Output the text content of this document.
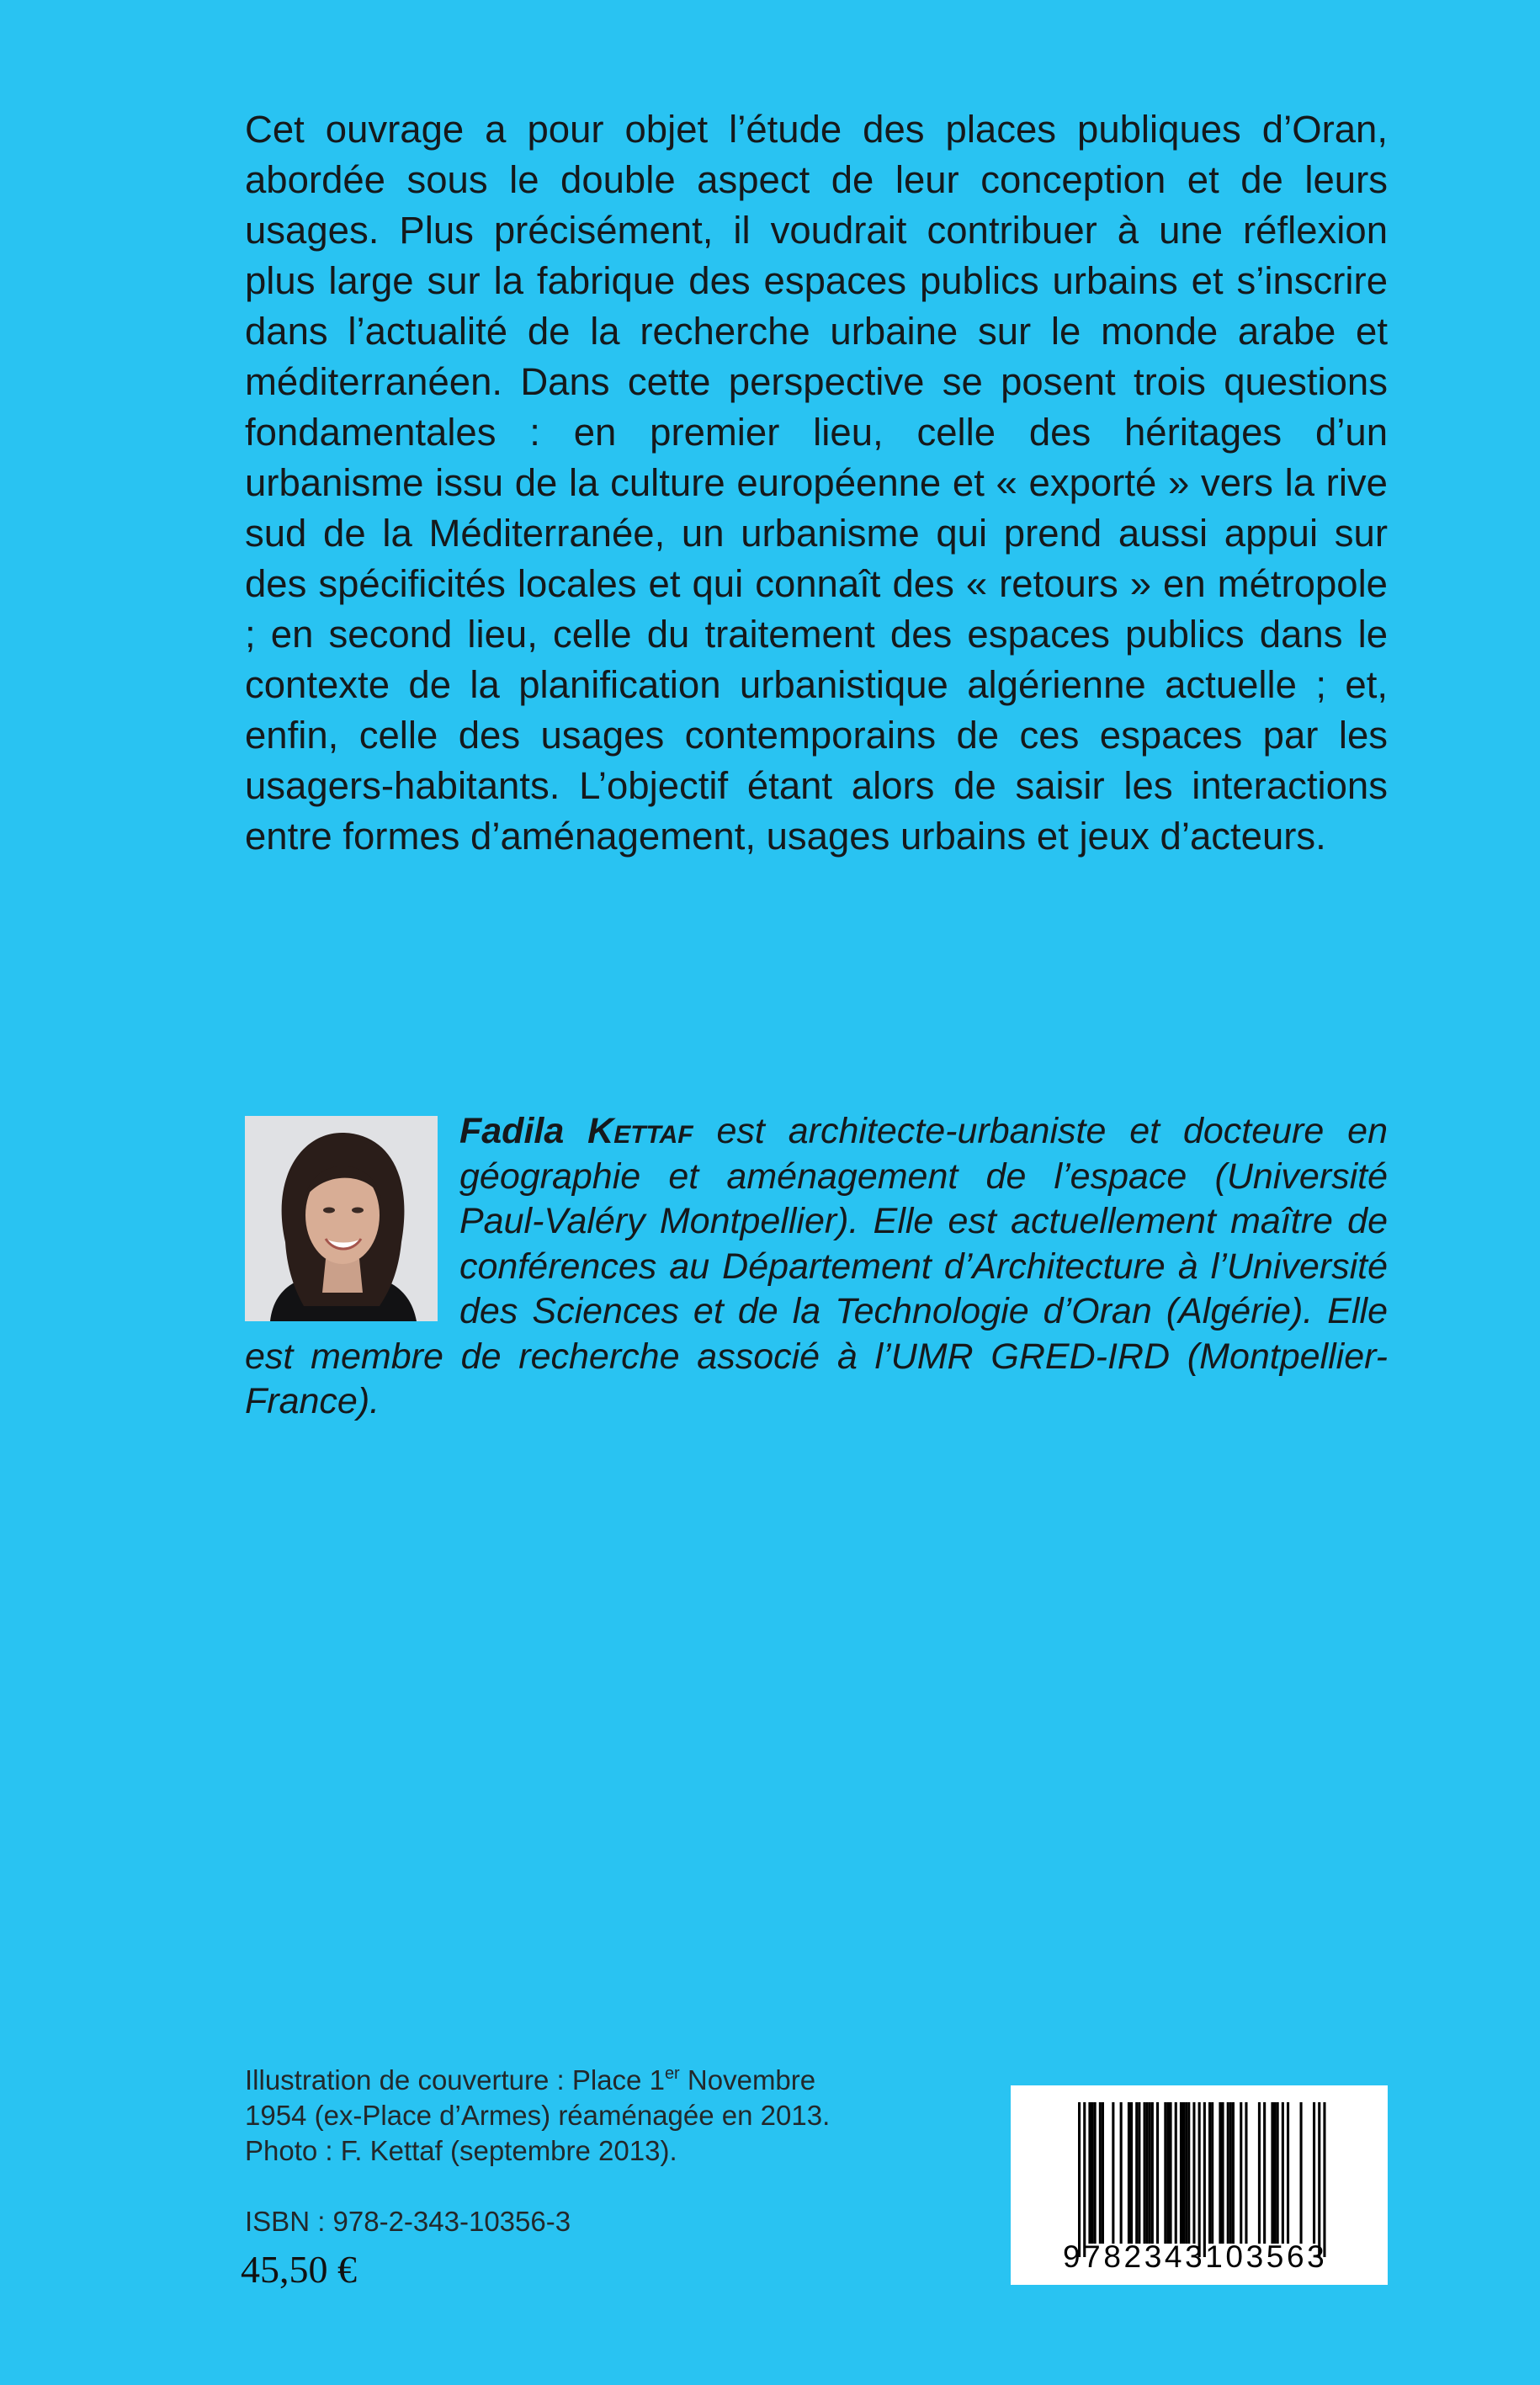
Cet ouvrage a pour objet l’étude des places publiques d’Oran, abordée sous le double aspect de leur conception et de leurs usages. Plus précisément, il voudrait contribuer à une réflexion plus large sur la fabrique des espaces publics urbains et s’inscrire dans l’actualité de la recherche urbaine sur le monde arabe et méditerranéen. Dans cette perspective se posent trois questions fondamentales : en premier lieu, celle des héritages d’un urbanisme issu de la culture européenne et « exporté » vers la rive sud de la Méditerranée, un urbanisme qui prend aussi appui sur des spécificités locales et qui connaît des « retours » en métropole ; en second lieu, celle du traitement des espaces publics dans le contexte de la planification urbanistique algérienne actuelle ; et, enfin, celle des usages contemporains de ces espaces par les usagers-habitants. L’objectif étant alors de saisir les interactions entre formes d’aménagement, usages urbains et jeux d’acteurs.

Fadila Kettaf est architecte-urbaniste et docteure en géographie et aménagement de l’espace (Université Paul-Valéry Montpellier). Elle est actuellement maître de conférences au Département d’Architecture à l’Université des Sciences et de la Technologie d’Oran (Algérie). Elle est membre de recherche associé à l’UMR GRED-IRD (Montpellier- France).
Illustration de couverture : Place 1er Novembre
1954 (ex-Place d’Armes) réaménagée en 2013.
Photo : F. Kettaf (septembre 2013).
ISBN : 978-2-343-10356-3
45,50 €	9782343103563
